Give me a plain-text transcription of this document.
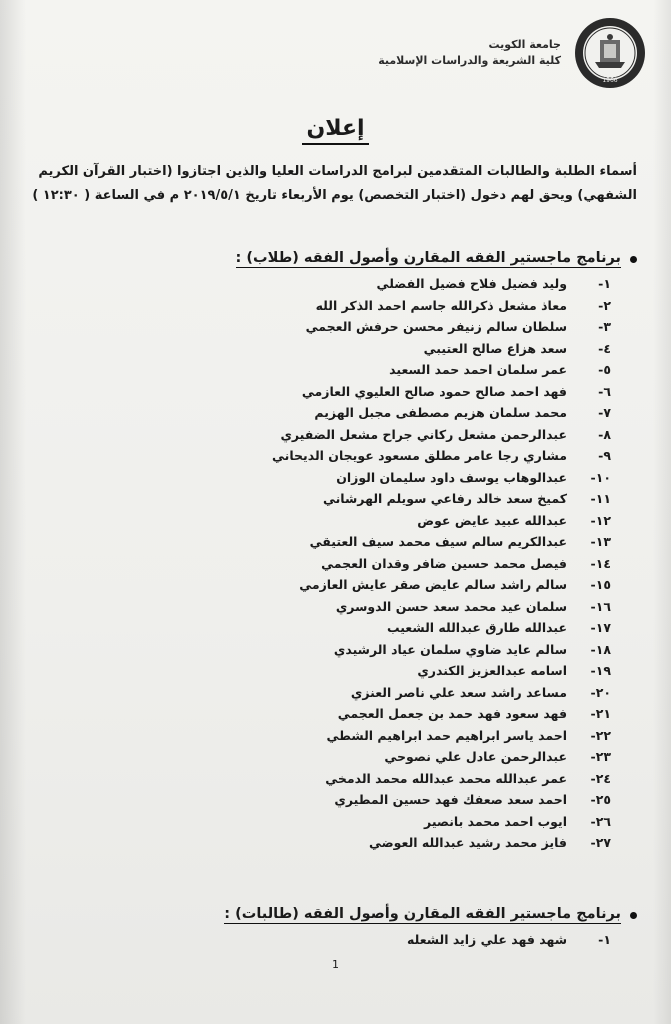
1966
جامعة الكويت
كلية الشريعة والدراسات الإسلامية
إعلان
أسماء الطلبة والطالبات المتقدمين لبرامج الدراسات العليا والذين اجتازوا (اختبار القرآن الكريم
الشفهي) ويحق لهم دخول (اختبار التخصص) يوم الأربعاء تاريخ ٢٠١٩/٥/١ م في الساعة ( ١٢:٣٠ )
برنامج ماجستير الفقه المقارن وأصول الفقه (طلاب) :
١-
وليد فضيل فلاح فضيل الفضلي
٢-
معاذ مشعل ذكرالله جاسم احمد الذكر الله
٣-
سلطان سالم زنيفر محسن حرفش العجمي
٤-
سعد هزاع صالح العتيبي
٥-
عمر سلمان احمد حمد السعيد
٦-
فهد احمد صالح حمود صالح العليوي العازمي
٧-
محمد سلمان هزيم مصطفى مجبل الهزيم
٨-
عبدالرحمن مشعل ركاني جراح مشعل الضفيري
٩-
مشاري رجا عامر مطلق مسعود عويجان الديحاني
١٠-
عبدالوهاب يوسف داود سليمان الوزان
١١-
كميخ سعد خالد رفاعي سويلم الهرشاني
١٢-
عبدالله عبيد عايض عوض
١٣-
عبدالكريم سالم سيف محمد سيف العتيقي
١٤-
فيصل محمد حسين ضافر وقدان العجمي
١٥-
سالم راشد سالم عايض صقر عايش العازمي
١٦-
سلمان عيد محمد سعد حسن الدوسري
١٧-
عبدالله طارق عبدالله الشعيب
١٨-
سالم عايد ضاوي سلمان عياد الرشيدي
١٩-
اسامه عبدالعزيز الكندري
٢٠-
مساعد راشد سعد علي ناصر العنزي
٢١-
فهد سعود فهد حمد بن جعمل العجمي
٢٢-
احمد ياسر ابراهيم حمد ابراهيم الشطي
٢٣-
عبدالرحمن عادل علي نصوحي
٢٤-
عمر عبدالله محمد عبدالله محمد الدمخي
٢٥-
احمد سعد صعفك فهد حسين المطيري
٢٦-
ايوب احمد محمد بانصير
٢٧-
فايز محمد رشيد عبدالله العوضي
برنامج ماجستير الفقه المقارن وأصول الفقه (طالبات) :
١-
شهد فهد علي زايد الشعله
1
